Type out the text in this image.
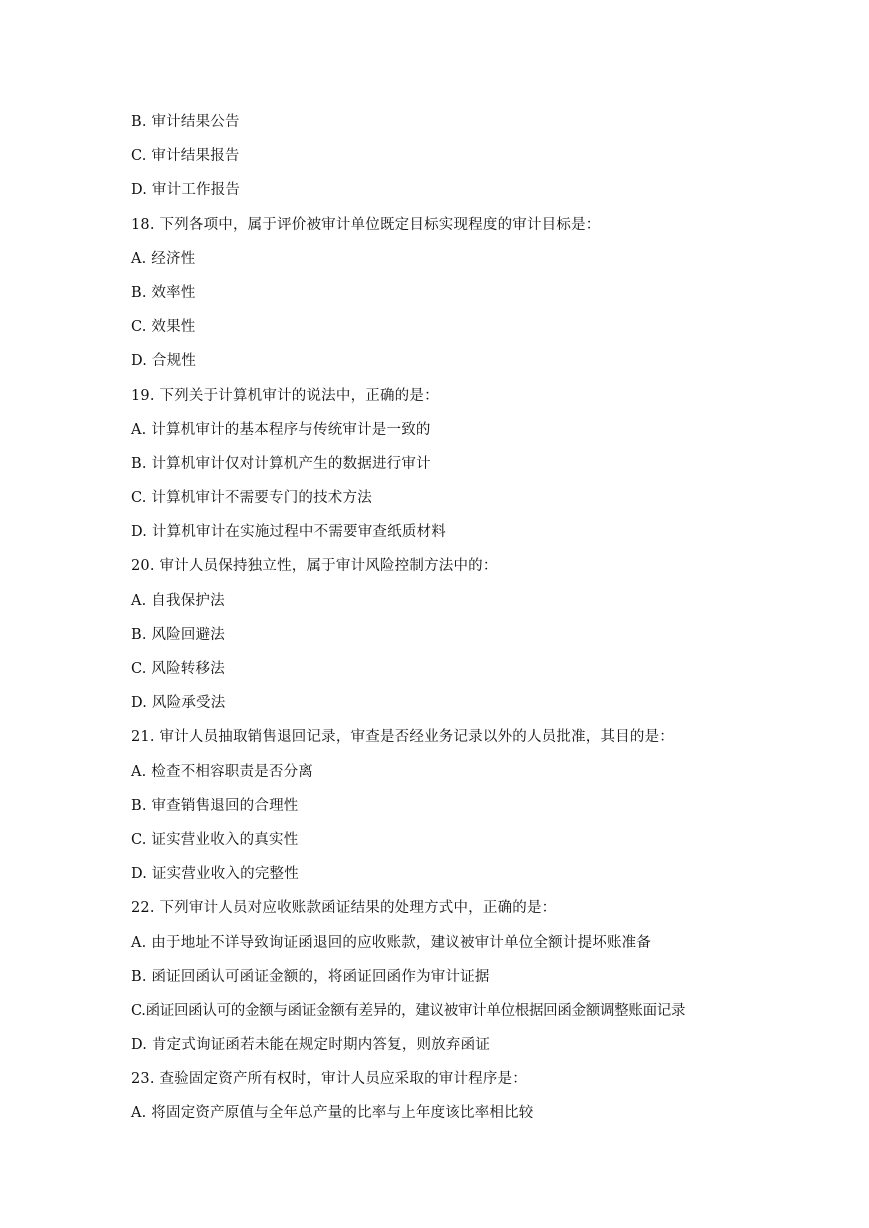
B. 审计结果公告
C. 审计结果报告
D. 审计工作报告
18. 下列各项中，属于评价被审计单位既定目标实现程度的审计目标是：
A. 经济性
B. 效率性
C. 效果性
D. 合规性
19. 下列关于计算机审计的说法中，正确的是：
A. 计算机审计的基本程序与传统审计是一致的
B. 计算机审计仅对计算机产生的数据进行审计
C. 计算机审计不需要专门的技术方法
D. 计算机审计在实施过程中不需要审查纸质材料
20. 审计人员保持独立性，属于审计风险控制方法中的：
A. 自我保护法
B. 风险回避法
C. 风险转移法
D. 风险承受法
21. 审计人员抽取销售退回记录，审查是否经业务记录以外的人员批准，其目的是：
A. 检查不相容职责是否分离
B. 审查销售退回的合理性
C. 证实营业收入的真实性
D. 证实营业收入的完整性
22. 下列审计人员对应收账款函证结果的处理方式中，正确的是：
A. 由于地址不详导致询证函退回的应收账款，建议被审计单位全额计提坏账准备
B. 函证回函认可函证金额的，将函证回函作为审计证据
C.函证回函认可的金额与函证金额有差异的，建议被审计单位根据回函金额调整账面记录
D. 肯定式询证函若未能在规定时期内答复，则放弃函证
23. 查验固定资产所有权时，审计人员应采取的审计程序是：
A. 将固定资产原值与全年总产量的比率与上年度该比率相比较
